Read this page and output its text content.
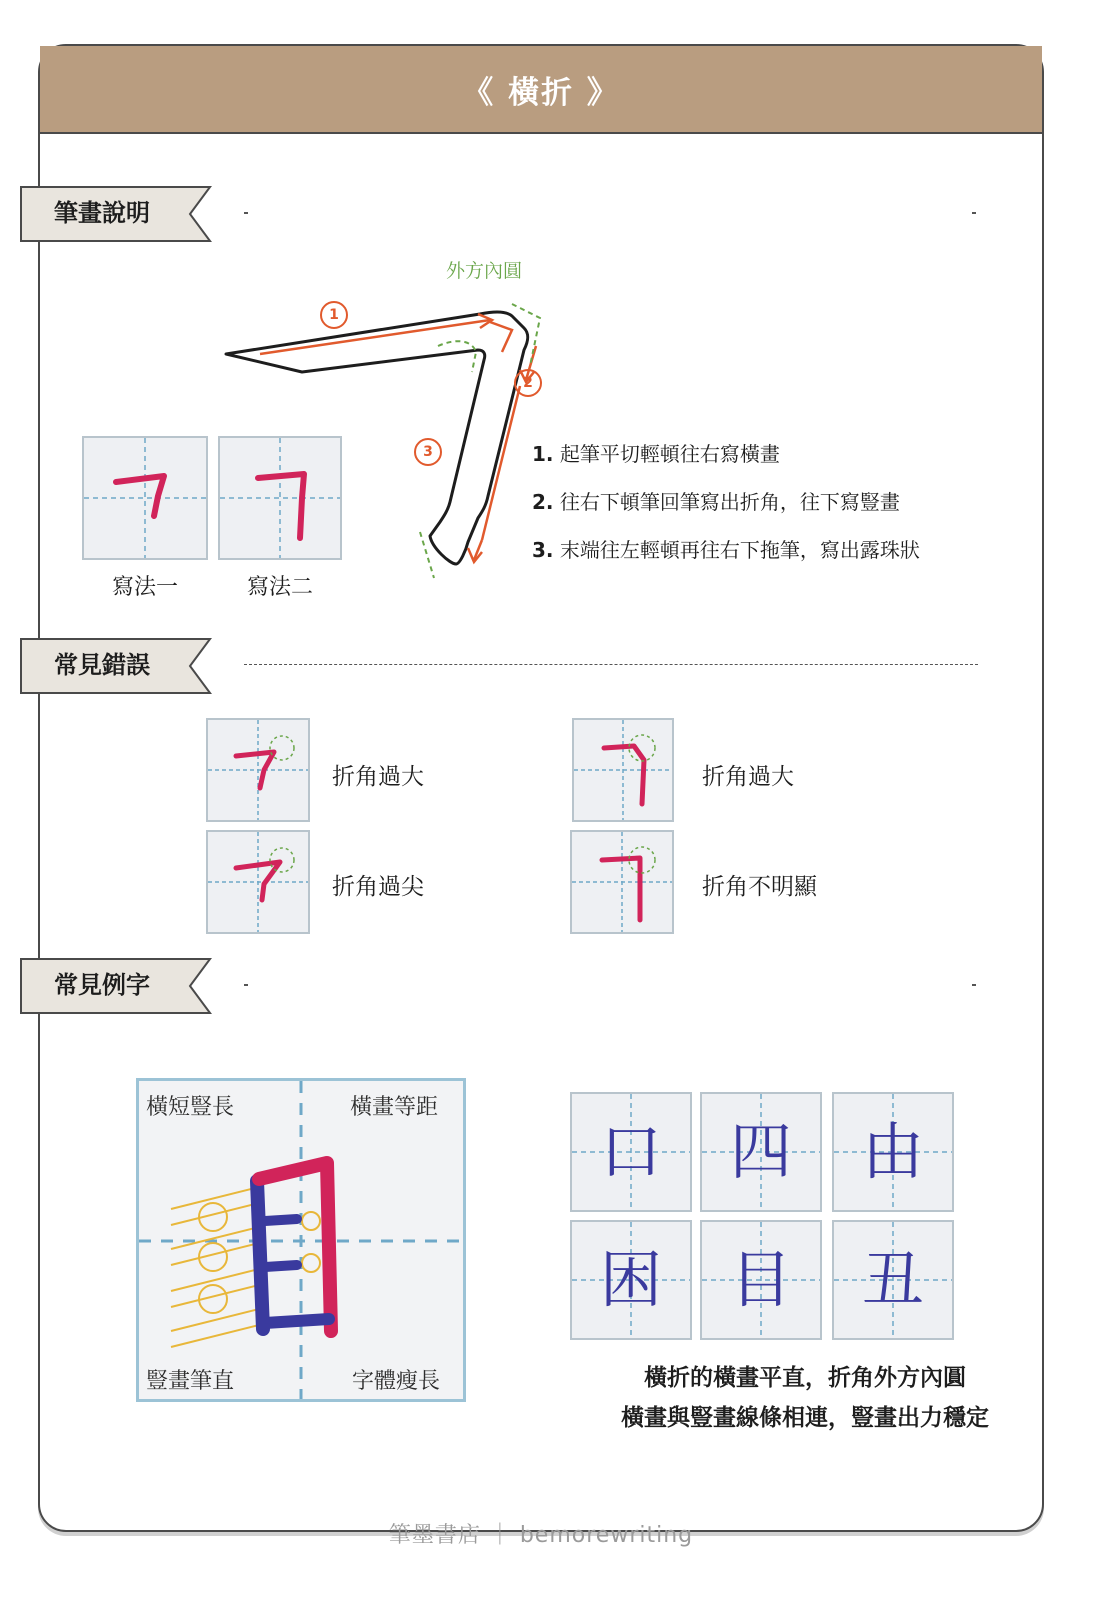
《 橫折 》
筆畫說明
外方內圓
1
2
3
寫法一	寫法二
1. 起筆平切輕頓往右寫橫畫
2. 往右下頓筆回筆寫出折角，往下寫豎畫
3. 末端往左輕頓再往右下拖筆，寫出露珠狀
常見錯誤
折角過大	折角過大
折角過尖	折角不明顯
常見例字
橫短豎長	橫畫等距
豎畫筆直	字體瘦長
口	四	由
困	目	丑
橫折的橫畫平直，折角外方內圓
橫畫與豎畫線條相連，豎畫出力穩定
筆墨書店 ｜ bemorewriting
